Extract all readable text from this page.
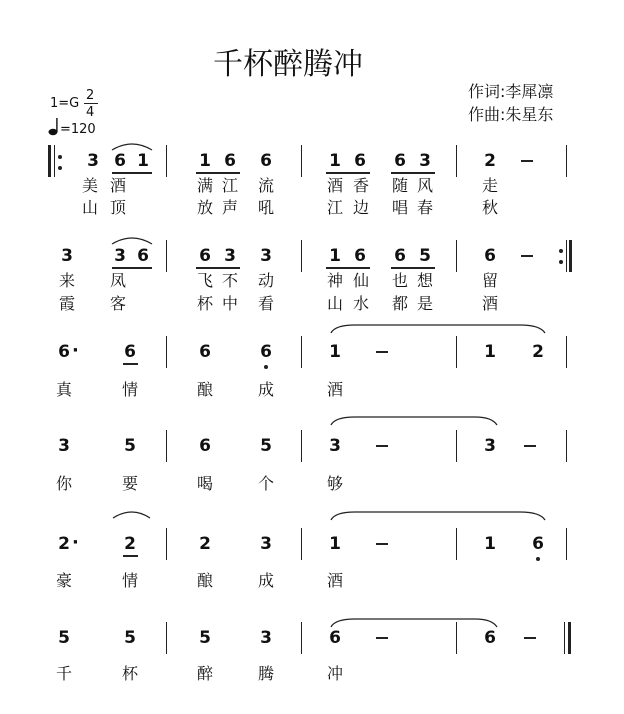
千杯醉腾冲
作词:李犀凛
作曲:朱星东
1=G
2
4
=120
3 6 1	1 6 6	1 6 6 3	2
美 酒	满 江 流	酒 香 随 风	走
山 顶	放 声 吼	江 边 唱 春	秋
3 3 6	6 3 3	1 6 6 5	6
来 凤	飞 不 动	神 仙 也 想	留
霞 客	杯 中 看	山 水 都 是	酒
6 ·	6	6	6	1	1 2
真	情	酿	成	酒
3	5	6	5	3	3
你	要	喝	个	够
2 ·	2	2	3	1	1 6
豪	情	酿	成	酒
5	5	5	3	6	6
千	杯	醉	腾	冲
